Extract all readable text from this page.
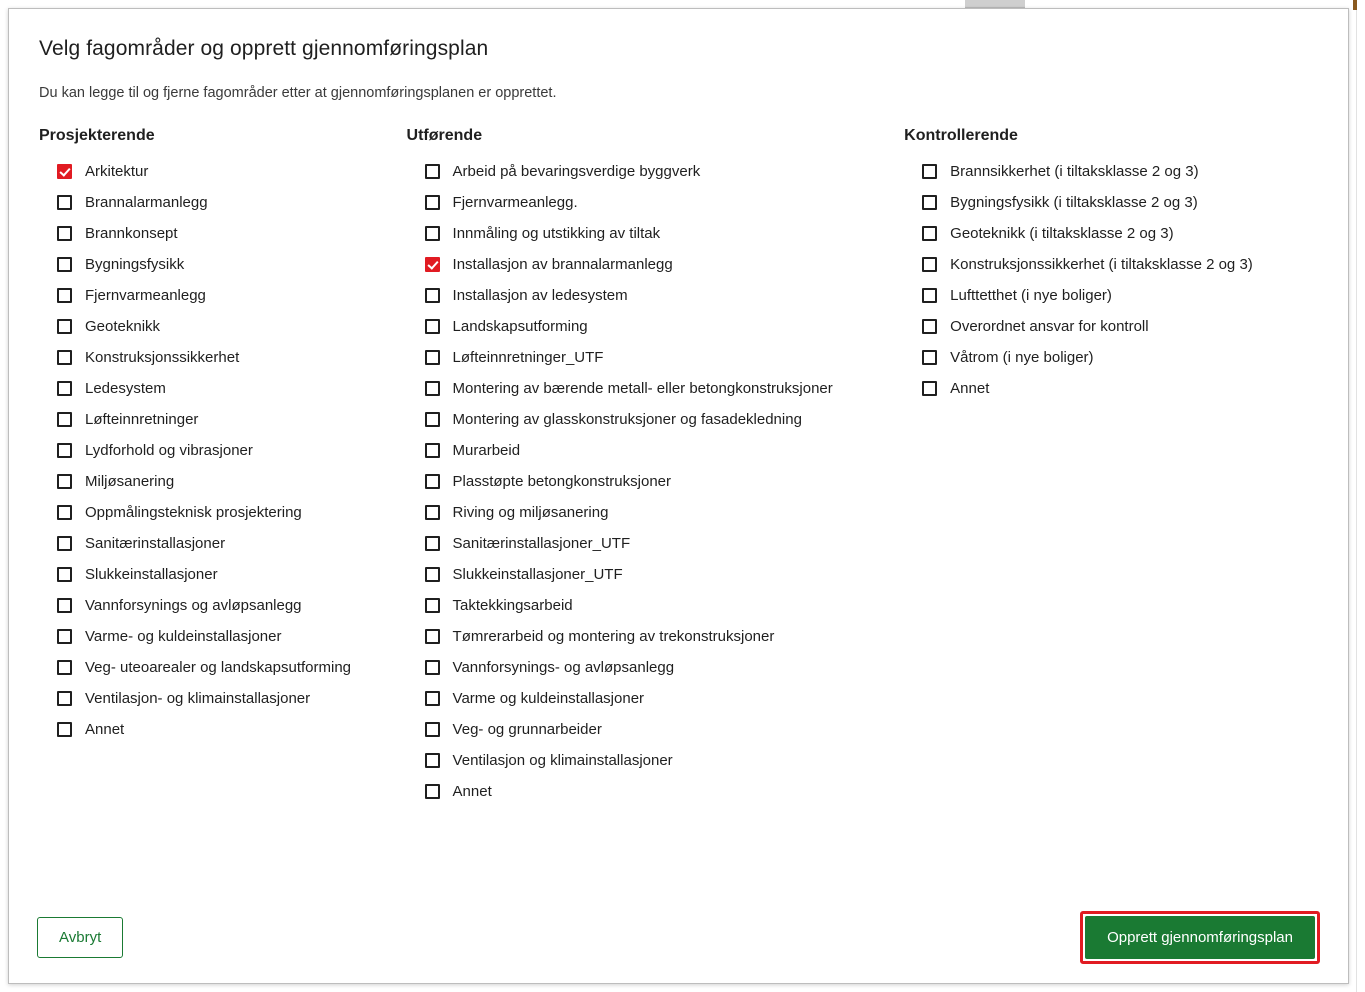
Velg fagområder og opprett gjennomføringsplan

Du kan legge til og fjerne fagområder etter at gjennomføringsplanen er opprettet.

Prosjekterende
Arkitektur
Brannalarmanlegg
Brannkonsept
Bygningsfysikk
Fjernvarmeanlegg
Geoteknikk
Konstruksjonssikkerhet
Ledesystem
Løfteinnretninger
Lydforhold og vibrasjoner
Miljøsanering
Oppmålingsteknisk prosjektering
Sanitærinstallasjoner
Slukkeinstallasjoner
Vannforsynings og avløpsanlegg
Varme- og kuldeinstallasjoner
Veg- uteoarealer og landskapsutforming
Ventilasjon- og klimainstallasjoner
Annet
Utførende
Arbeid på bevaringsverdige byggverk
Fjernvarmeanlegg.
Innmåling og utstikking av tiltak
Installasjon av brannalarmanlegg
Installasjon av ledesystem
Landskapsutforming
Løfteinnretninger_UTF
Montering av bærende metall- eller betongkonstruksjoner
Montering av glasskonstruksjoner og fasadekledning
Murarbeid
Plasstøpte betongkonstruksjoner
Riving og miljøsanering
Sanitærinstallasjoner_UTF
Slukkeinstallasjoner_UTF
Taktekkingsarbeid
Tømrerarbeid og montering av trekonstruksjoner
Vannforsynings- og avløpsanlegg
Varme og kuldeinstallasjoner
Veg- og grunnarbeider
Ventilasjon og klimainstallasjoner
Annet
Kontrollerende
Brannsikkerhet (i tiltaksklasse 2 og 3)
Bygningsfysikk (i tiltaksklasse 2 og 3)
Geoteknikk (i tiltaksklasse 2 og 3)
Konstruksjonssikkerhet (i tiltaksklasse 2 og 3)
Lufttetthet (i nye boliger)
Overordnet ansvar for kontroll
Våtrom (i nye boliger)
Annet
Avbryt	Opprett gjennomføringsplan
